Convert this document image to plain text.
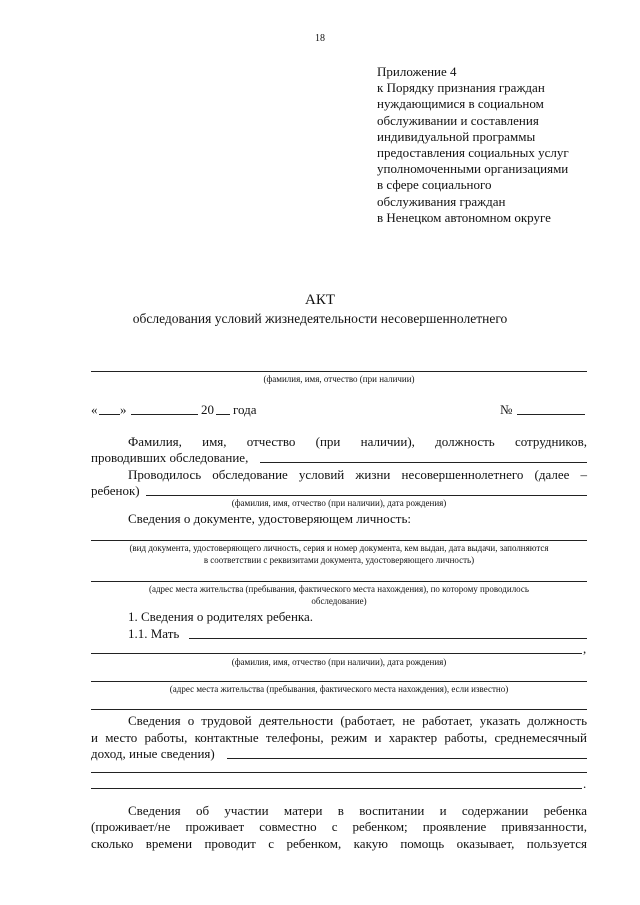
18
Приложение 4
к Порядку признания граждан
нуждающимися в социальном
обслуживании и составления
индивидуальной программы
предоставления социальных услуг
уполномоченными организациями
в сфере социального
обслуживания граждан
в Ненецком автономном округе
АКТ
обследования условий жизнедеятельности несовершеннолетнего
(фамилия, имя, отчество (при наличии)
« »	20 года	№
Фамилия, имя, отчество (при наличии), должность сотрудников,
проводивших обследование,
Проводилось обследование условий жизни несовершеннолетнего (далее –
ребенок)
(фамилия, имя, отчество (при наличии), дата рождения)
Сведения о документе, удостоверяющем личность:
(вид документа, удостоверяющего личность, серия и номер документа, кем выдан, дата выдачи, заполняются
в соответствии с реквизитами документа, удостоверяющего личность)
(адрес места жительства (пребывания, фактического места нахождения), по которому проводилось
обследование)
1. Сведения о родителях ребенка.
1.1. Мать
,
(фамилия, имя, отчество (при наличии), дата рождения)
(адрес места жительства (пребывания, фактического места нахождения), если известно)
Сведения о трудовой деятельности (работает, не работает, указать должность
и место работы, контактные телефоны, режим и характер работы, среднемесячный
доход, иные сведения)
.
Сведения об участии матери в воспитании и содержании ребенка
(проживает/не проживает совместно с ребенком; проявление привязанности,
сколько времени проводит с ребенком, какую помощь оказывает, пользуется
